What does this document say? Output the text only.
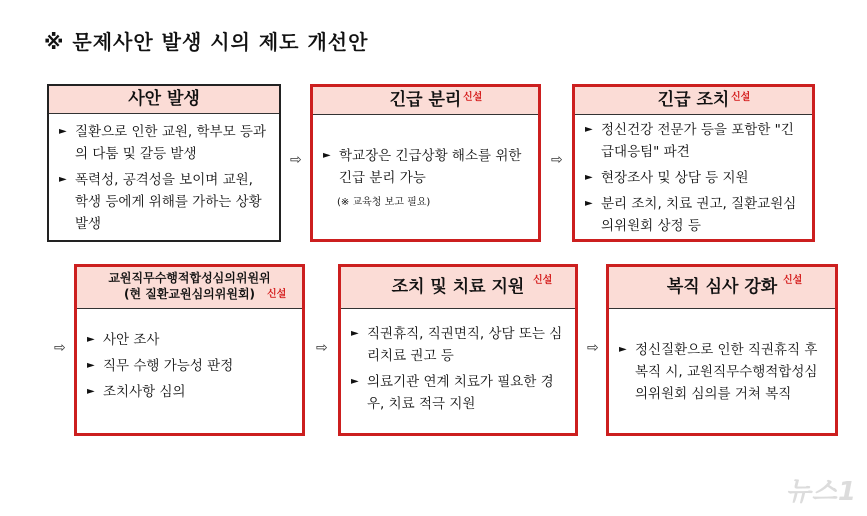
※ 문제사안 발생 시의 제도 개선안
사안 발생
► 질환으로 인한 교원, 학부모 등과의 다툼 및 갈등 발생
► 폭력성, 공격성을 보이며 교원, 학생 등에게 위해를 가하는 상황 발생
⇨
긴급 분리 신설
► 학교장은 긴급상황 해소를 위한 긴급 분리 가능
(※ 교육청 보고 필요)
⇨
긴급 조치 신설
► 정신건강 전문가 등을 포함한 "긴급대응팀" 파견
► 현장조사 및 상담 등 지원
► 분리 조치, 치료 권고, 질환교원심의위원회 상정 등
⇨
교원직무수행적합성심의위원위
(현 질환교원심의위원회)	신설
► 사안 조사
► 직무 수행 가능성 판정
► 조치사항 심의
⇨
조치 및 치료 지원 신설
► 직권휴직, 직권면직, 상담 또는 심리치료 권고 등
► 의료기관 연계 치료가 필요한 경우, 치료 적극 지원
⇨
복직 심사 강화 신설
► 정신질환으로 인한 직권휴직 후 복직 시, 교원직무수행적합성심의위원회 심의를 거쳐 복직
뉴스1
